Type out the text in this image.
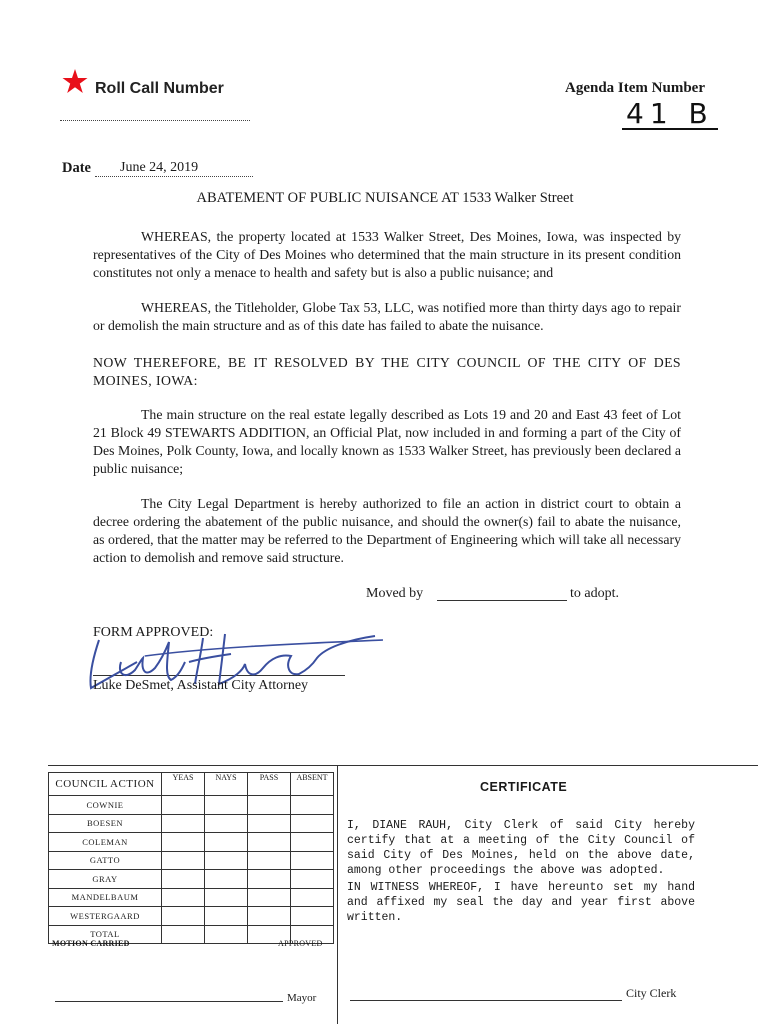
Roll Call Number	Agenda Item Number
41 B
Date	June 24, 2019
ABATEMENT OF PUBLIC NUISANCE AT 1533 Walker Street

WHEREAS, the property located at 1533 Walker Street, Des Moines, Iowa, was inspected by representatives of the City of Des Moines who determined that the main structure in its present condition constitutes not only a menace to health and safety but is also a public nuisance; and

WHEREAS, the Titleholder, Globe Tax 53, LLC, was notified more than thirty days ago to repair or demolish the main structure and as of this date has failed to abate the nuisance.

NOW THEREFORE, BE IT RESOLVED BY THE CITY COUNCIL OF THE CITY OF DES MOINES, IOWA:

The main structure on the real estate legally described as Lots 19 and 20 and East 43 feet of Lot 21 Block 49 STEWARTS ADDITION, an Official Plat, now included in and forming a part of the City of Des Moines, Polk County, Iowa, and locally known as 1533 Walker Street, has previously been declared a public nuisance;

The City Legal Department is hereby authorized to file an action in district court to obtain a decree ordering the abatement of the public nuisance, and should the owner(s) fail to abate the nuisance, as ordered, that the matter may be referred to the Department of Engineering which will take all necessary action to demolish and remove said structure.

Moved by	to adopt.
FORM APPROVED:
Luke DeSmet, Assistant City Attorney
COUNCIL ACTION	YEAS	NAYS	PASS	ABSENT
COWNIE				
BOESEN				
COLEMAN				
GATTO				
GRAY				
MANDELBAUM				
WESTERGAARD				
TOTAL				
MOTION CARRIED	APPROVED
Mayor
CERTIFICATE

I, DIANE RAUH, City Clerk of said City hereby certify that at a meeting of the City Council of said City of Des Moines, held on the above date, among other proceedings the above was adopted.

IN WITNESS WHEREOF, I have hereunto set my hand and affixed my seal the day and year first above written.

City Clerk
